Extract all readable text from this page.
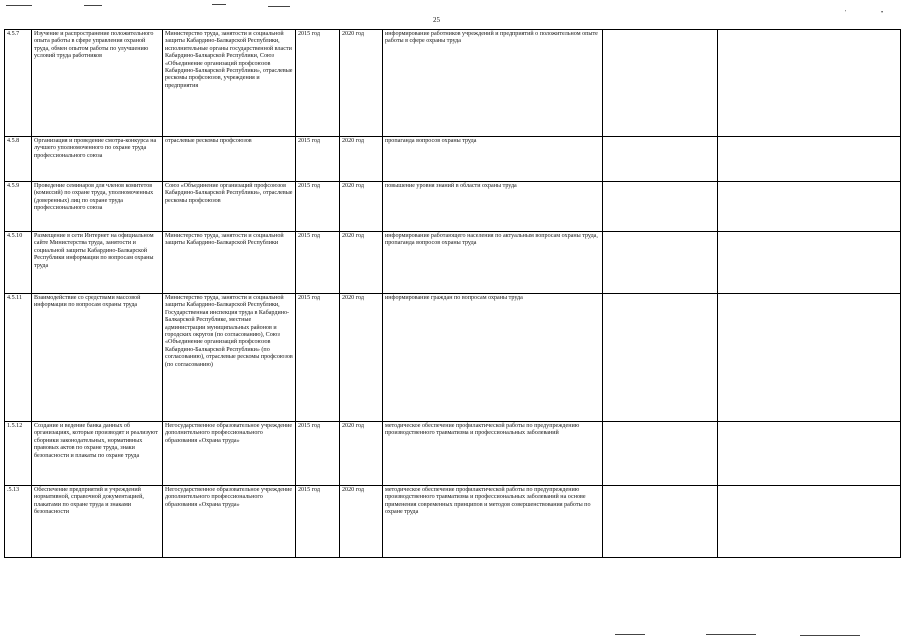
25
′	•
4.5.7	Изучение и распространение положительного опыта работы в сфере управления охраной труда, обмен опытом работы по улучшению условий труда работников	Министерство труда, занятости и социальной защиты Кабардино-Балкарской Республики, исполнительные органы государственной власти Кабардино-Балкарской Республики, Союз «Объединение организаций профсоюзов Кабардино-Балкарской Республики», отраслевые рескомы профсоюзов, учреждения и предприятия	2015 год	2020 год	информирование работников учреждений и предприятий о положительном опыте работы в сфере охраны труда		
4.5.8	Организация и проведение смотра-конкурса на лучшего уполномоченного по охране труда профессионального союза	отраслевые рескомы профсоюзов	2015 год	2020 год	пропаганда вопросов охраны труда		
4.5.9	Проведение семинаров для членов комитетов (комиссий) по охране труда, уполномоченных (доверенных) лиц по охране труда профессионального союза	Союз «Объединение организаций профсоюзов Кабардино-Балкарской Республики», отраслевые рескомы профсоюзов	2015 год	2020 год	повышение уровня знаний в области охраны труда		
4.5.10	Размещение в сети Интернет на официальном сайте Министерства труда, занятости и социальной защиты Кабардино-Балкарской Республики информации по вопросам охраны труда	Министерство труда, занятости и социальной защиты Кабардино-Балкарской Республики	2015 год	2020 год	информирование работающего населения по актуальным вопросам охраны труда, пропаганда вопросов охраны труда		
4.5.11	Взаимодействие со средствами массовой информации по вопросам охраны труда	Министерство труда, занятости и социальной защиты Кабардино-Балкарской Республики, Государственная инспекция труда в Кабардино-Балкарской Республике, местные администрации муниципальных районов и городских округов (по согласованию), Союз «Объединение организаций профсоюзов Кабардино-Балкарской Республики» (по согласованию), отраслевые рескомы профсоюзов (по согласованию)	2015 год	2020 год	информирование граждан по вопросам охраны труда		
1.5.12	Создание и ведение банка данных об организациях, которые производят и реализуют сборники законодательных, нормативных правовых актов по охране труда, знаки безопасности и плакаты по охране труда	Негосударственное образовательное учреждение дополнительного профессионального образования «Охрана труда»	2015 год	2020 год	методическое обеспечение профилактической работы по предупреждению производственного травматизма и профессиональных заболеваний		
.5.13	Обеспечение предприятий и учреждений нормативной, справочной документацией, плакатами по охране труда и знаками безопасности	Негосударственное образовательное учреждение дополнительного профессионального образования «Охрана труда»	2015 год	2020 год	методическое обеспечение профилактической работы по предупреждению производственного травматизма и профессиональных заболеваний на основе применения современных принципов и методов совершенствования работы по охране труда		
